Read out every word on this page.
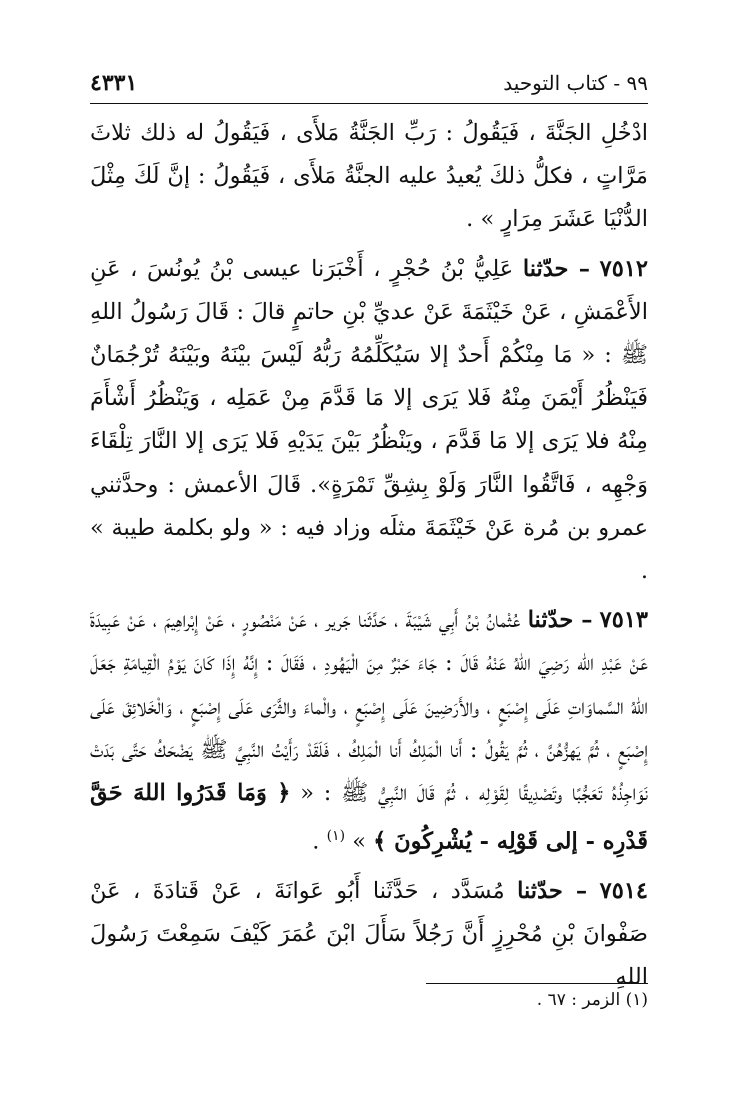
٩٩ - كتاب التوحيد
٤٣٣١

ادْخُلِ الجَنَّةَ ، فَيَقُولُ : رَبِّ الجَنَّةُ مَلأَى ، فَيَقُولُ له ذلك ثلاثَ مَرَّاتٍ ، فكلُّ ذلكَ يُعيدُ عليه الجنَّةُ مَلأَى ، فَيَقُولُ : إنَّ لَكَ مِثْلَ الدُّنْيَا عَشَرَ مِرَارٍ » .

٧٥١٢ – حدّثنا عَلِيُّ بْنُ حُجْرٍ ، أَخْبَرَنا عيسى بْنُ يُونُسَ ، عَنِ الأَعْمَشِ ، عَنْ خَيْثَمَةَ عَنْ عديِّ بْنِ حاتمٍ قالَ : قَالَ رَسُولُ اللهِ ﷺ : « مَا مِنْكُمْ أَحدٌ إلا سَيُكَلِّمُهُ رَبُّهُ لَيْسَ بيْنَهُ وبَيْنَهُ تُرْجُمَانٌ فَيَنْظُرُ أَيْمَنَ مِنْهُ فَلا يَرَى إلا مَا قَدَّمَ مِنْ عَمَلِه ، وَيَنْظُرُ أَشْأَمَ مِنْهُ فلا يَرَى إلا مَا قَدَّمَ ، ويَنْظُرُ بَيْنَ يَدَيْهِ فَلا يَرَى إلا النَّارَ تِلْقَاءَ وَجْهِه ، فَاتَّقُوا النَّارَ وَلَوْ بِشِقِّ تَمْرَةٍ». قَالَ الأعمش : وحدَّثني عمرو بن مُرة عَنْ خَيْثَمَةَ مثلَه وزاد فيه : « ولو بكلمة طيبة » .

٧٥١٣ – حدّثنا عُثْمانُ بْنُ أَبِي شَيْبَةَ ، حَدَّثَنا جَرير ، عَنْ مَنْصُورٍ ، عَنْ إِبْراهِيمَ ، عَنْ عَبِيدَةَ عَنْ عَبْدِ الله رَضِيَ اللهُ عَنْهُ قَالَ : جَاءَ حَبْرٌ مِنَ الْيَهُودِ ، فَقَالَ : إِنَّهُ إِذَا كَانَ يَوْمُ الْقِيامَةِ جَعَلَ اللهُ السَّماوَاتِ عَلَى إِصْبَعٍ ، والأَرَضِينَ عَلَى إِصْبَعٍ ، والْماءَ والثَّرَى عَلَى إِصْبَعٍ ، وَالْخَلائِقَ عَلَى إِصْبَعٍ ، ثُمَّ يَهزُّهُنَّ ، ثُمَّ يَقُولُ : أَنا الْمَلِكُ أَنا الْمَلِكُ ، فَلَقَدْ رَأَيْتُ النَّبِيَّ ﷺ يَضْحَكُ حَتَّى بَدَتْ نَوَاجِذُهُ تَعَجُّبًا وتَصْدِيقًا لِقَوْلِه ، ثُمَّ قَالَ النَّبِيُّ ﷺ : « ﴿ وَمَا قَدَرُوا اللهَ حَقَّ قَدْرِه - إلى قَوْلِه - يُشْرِكُونَ ﴾ » $^{(١)}$ .

٧٥١٤ – حدّثنا مُسَدَّد ، حَدَّثَنا أَبُو عَوانَةَ ، عَنْ قَتادَةَ ، عَنْ صَفْوانَ بْنِ مُحْرِزٍ أَنَّ رَجُلاً سَأَلَ ابْنَ عُمَرَ كَيْفَ سَمِعْتَ رَسُولَ اللهِ

(١) الزمر : ٦٧ .
